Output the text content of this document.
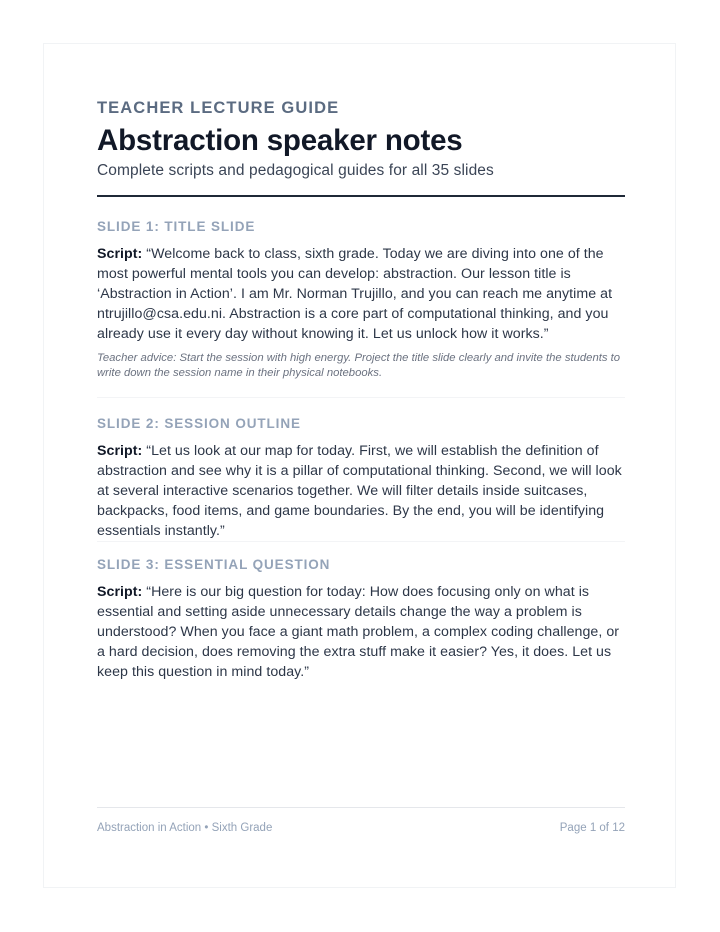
TEACHER LECTURE GUIDE
Abstraction speaker notes
Complete scripts and pedagogical guides for all 35 slides
SLIDE 1: TITLE SLIDE

Script: “Welcome back to class, sixth grade. Today we are diving into one of the most powerful mental tools you can develop: abstraction. Our lesson title is ‘Abstraction in Action’. I am Mr. Norman Trujillo, and you can reach me anytime at ntrujillo@csa.edu.ni. Abstraction is a core part of computational thinking, and you already use it every day without knowing it. Let us unlock how it works.”

Teacher advice: Start the session with high energy. Project the title slide clearly and invite the students to write down the session name in their physical notebooks.

SLIDE 2: SESSION OUTLINE

Script: “Let us look at our map for today. First, we will establish the definition of abstraction and see why it is a pillar of computational thinking. Second, we will look at several interactive scenarios together. We will filter details inside suitcases, backpacks, food items, and game boundaries. By the end, you will be identifying essentials instantly.”

SLIDE 3: ESSENTIAL QUESTION

Script: “Here is our big question for today: How does focusing only on what is essential and setting aside unnecessary details change the way a problem is understood? When you face a giant math problem, a complex coding challenge, or a hard decision, does removing the extra stuff make it easier? Yes, it does. Let us keep this question in mind today.”

Abstraction in Action • Sixth Grade	Page 1 of 12
